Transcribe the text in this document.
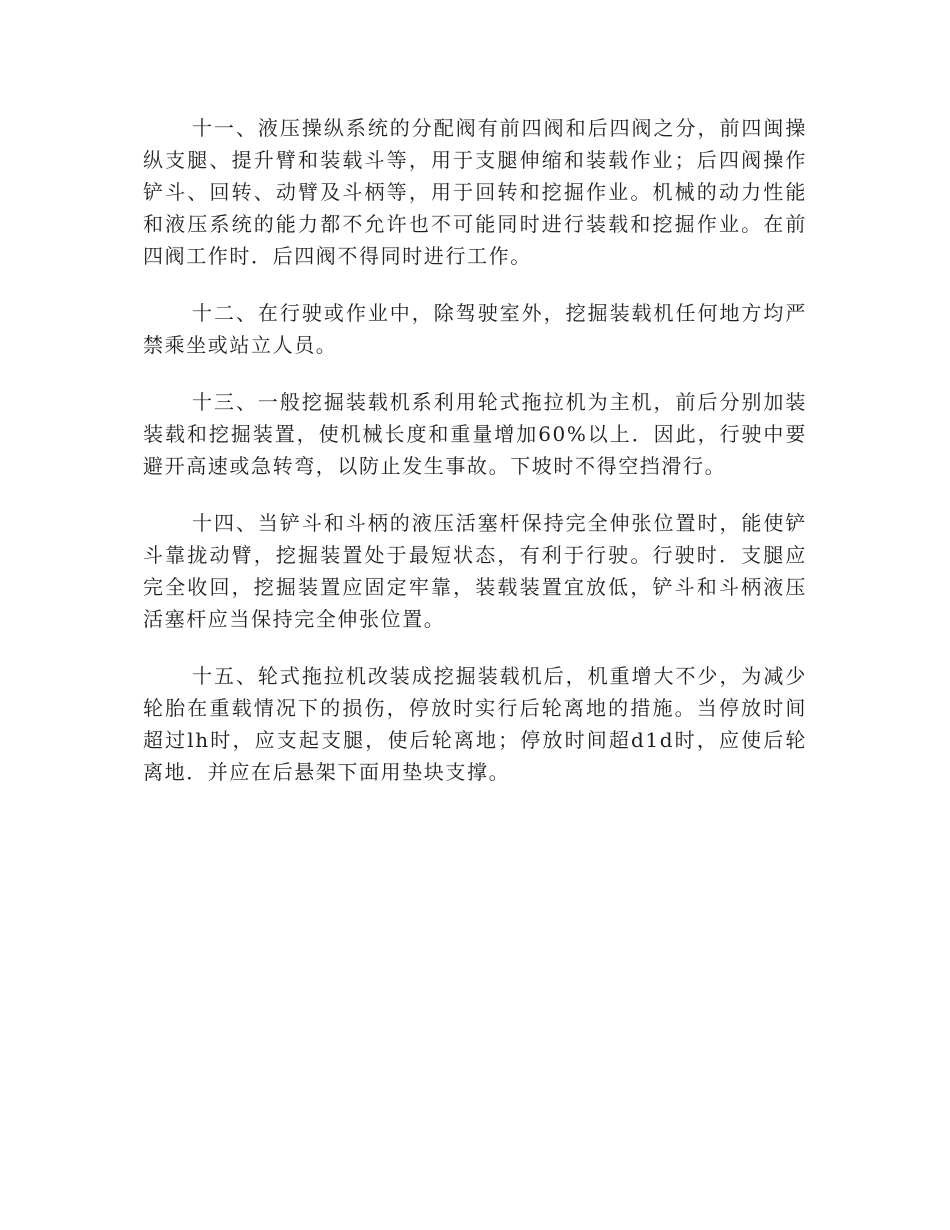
十一、液压操纵系统的分配阀有前四阀和后四阀之分，前四闽操纵支腿、提升臂和装载斗等，用于支腿伸缩和装载作业；后四阀操作铲斗、回转、动臂及斗柄等，用于回转和挖掘作业。机械的动力性能和液压系统的能力都不允许也不可能同时进行装载和挖掘作业。在前四阀工作时．后四阀不得同时进行工作。

十二、在行驶或作业中，除驾驶室外，挖掘装载机任何地方均严禁乘坐或站立人员。

十三、一般挖掘装载机系利用轮式拖拉机为主机，前后分别加装装载和挖掘装置，使机械长度和重量增加60%以上．因此，行驶中要避开高速或急转弯，以防止发生事故。下坡时不得空挡滑行。

十四、当铲斗和斗柄的液压活塞杆保持完全伸张位置时，能使铲斗靠拢动臂，挖掘装置处于最短状态，有利于行驶。行驶时．支腿应完全收回，挖掘装置应固定牢靠，装载装置宜放低，铲斗和斗柄液压活塞杆应当保持完全伸张位置。

十五、轮式拖拉机改装成挖掘装载机后，机重增大不少，为减少轮胎在重载情况下的损伤，停放时实行后轮离地的措施。当停放时间超过lh时，应支起支腿，使后轮离地；停放时间超d1d时，应使后轮离地．并应在后悬架下面用垫块支撑。
